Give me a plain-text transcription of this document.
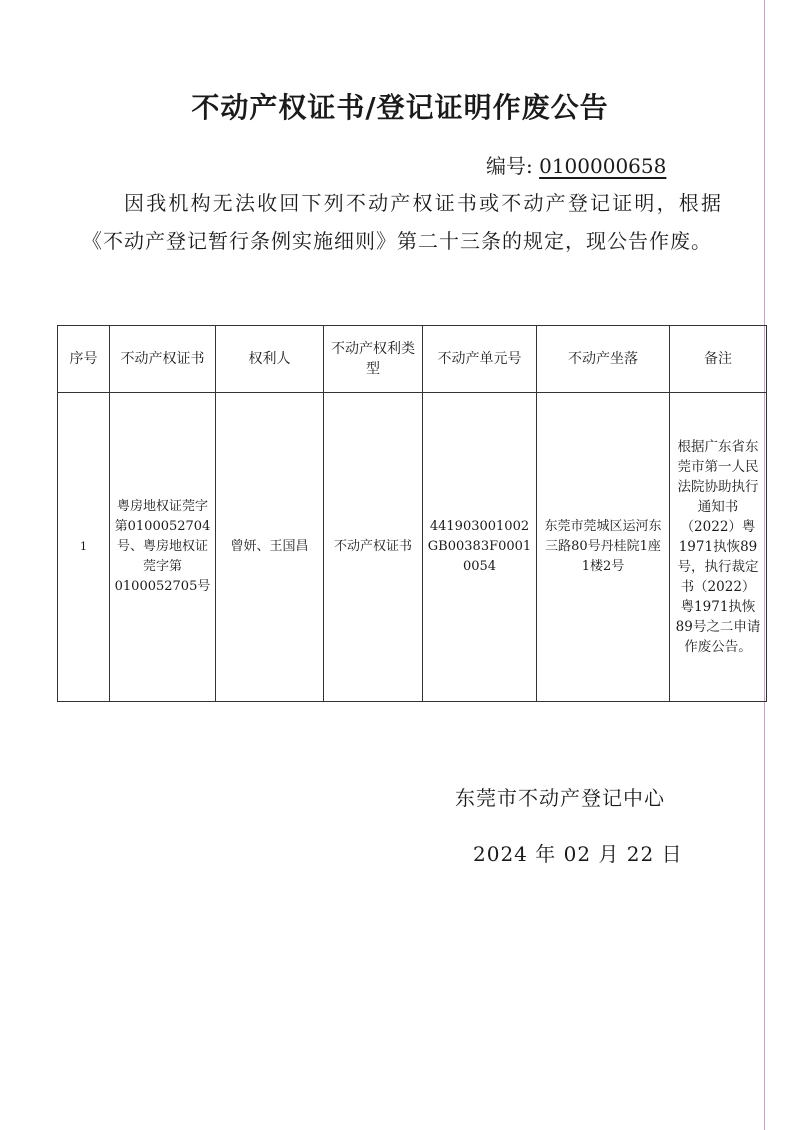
不动产权证书/登记证明作废公告
编号: 0100000658
因我机构无法收回下列不动产权证书或不动产登记证明，根据《不动产登记暂行条例实施细则》第二十三条的规定，现公告作废。
序号	不动产权证书	权利人	不动产权利类型	不动产单元号	不动产坐落	备注
1	粤房地权证莞字第0100052704号、粤房地权证莞字第0100052705号	曾妍、王国昌	不动产权证书	441903001002GB00383F00010054	东莞市莞城区运河东三路80号丹桂院1座1楼2号	根据广东省东莞市第一人民法院协助执行通知书（2022）粤1971执恢89号，执行裁定书（2022）粤1971执恢89号之二申请作废公告。
东莞市不动产登记中心
2024 年 02 月 22 日
